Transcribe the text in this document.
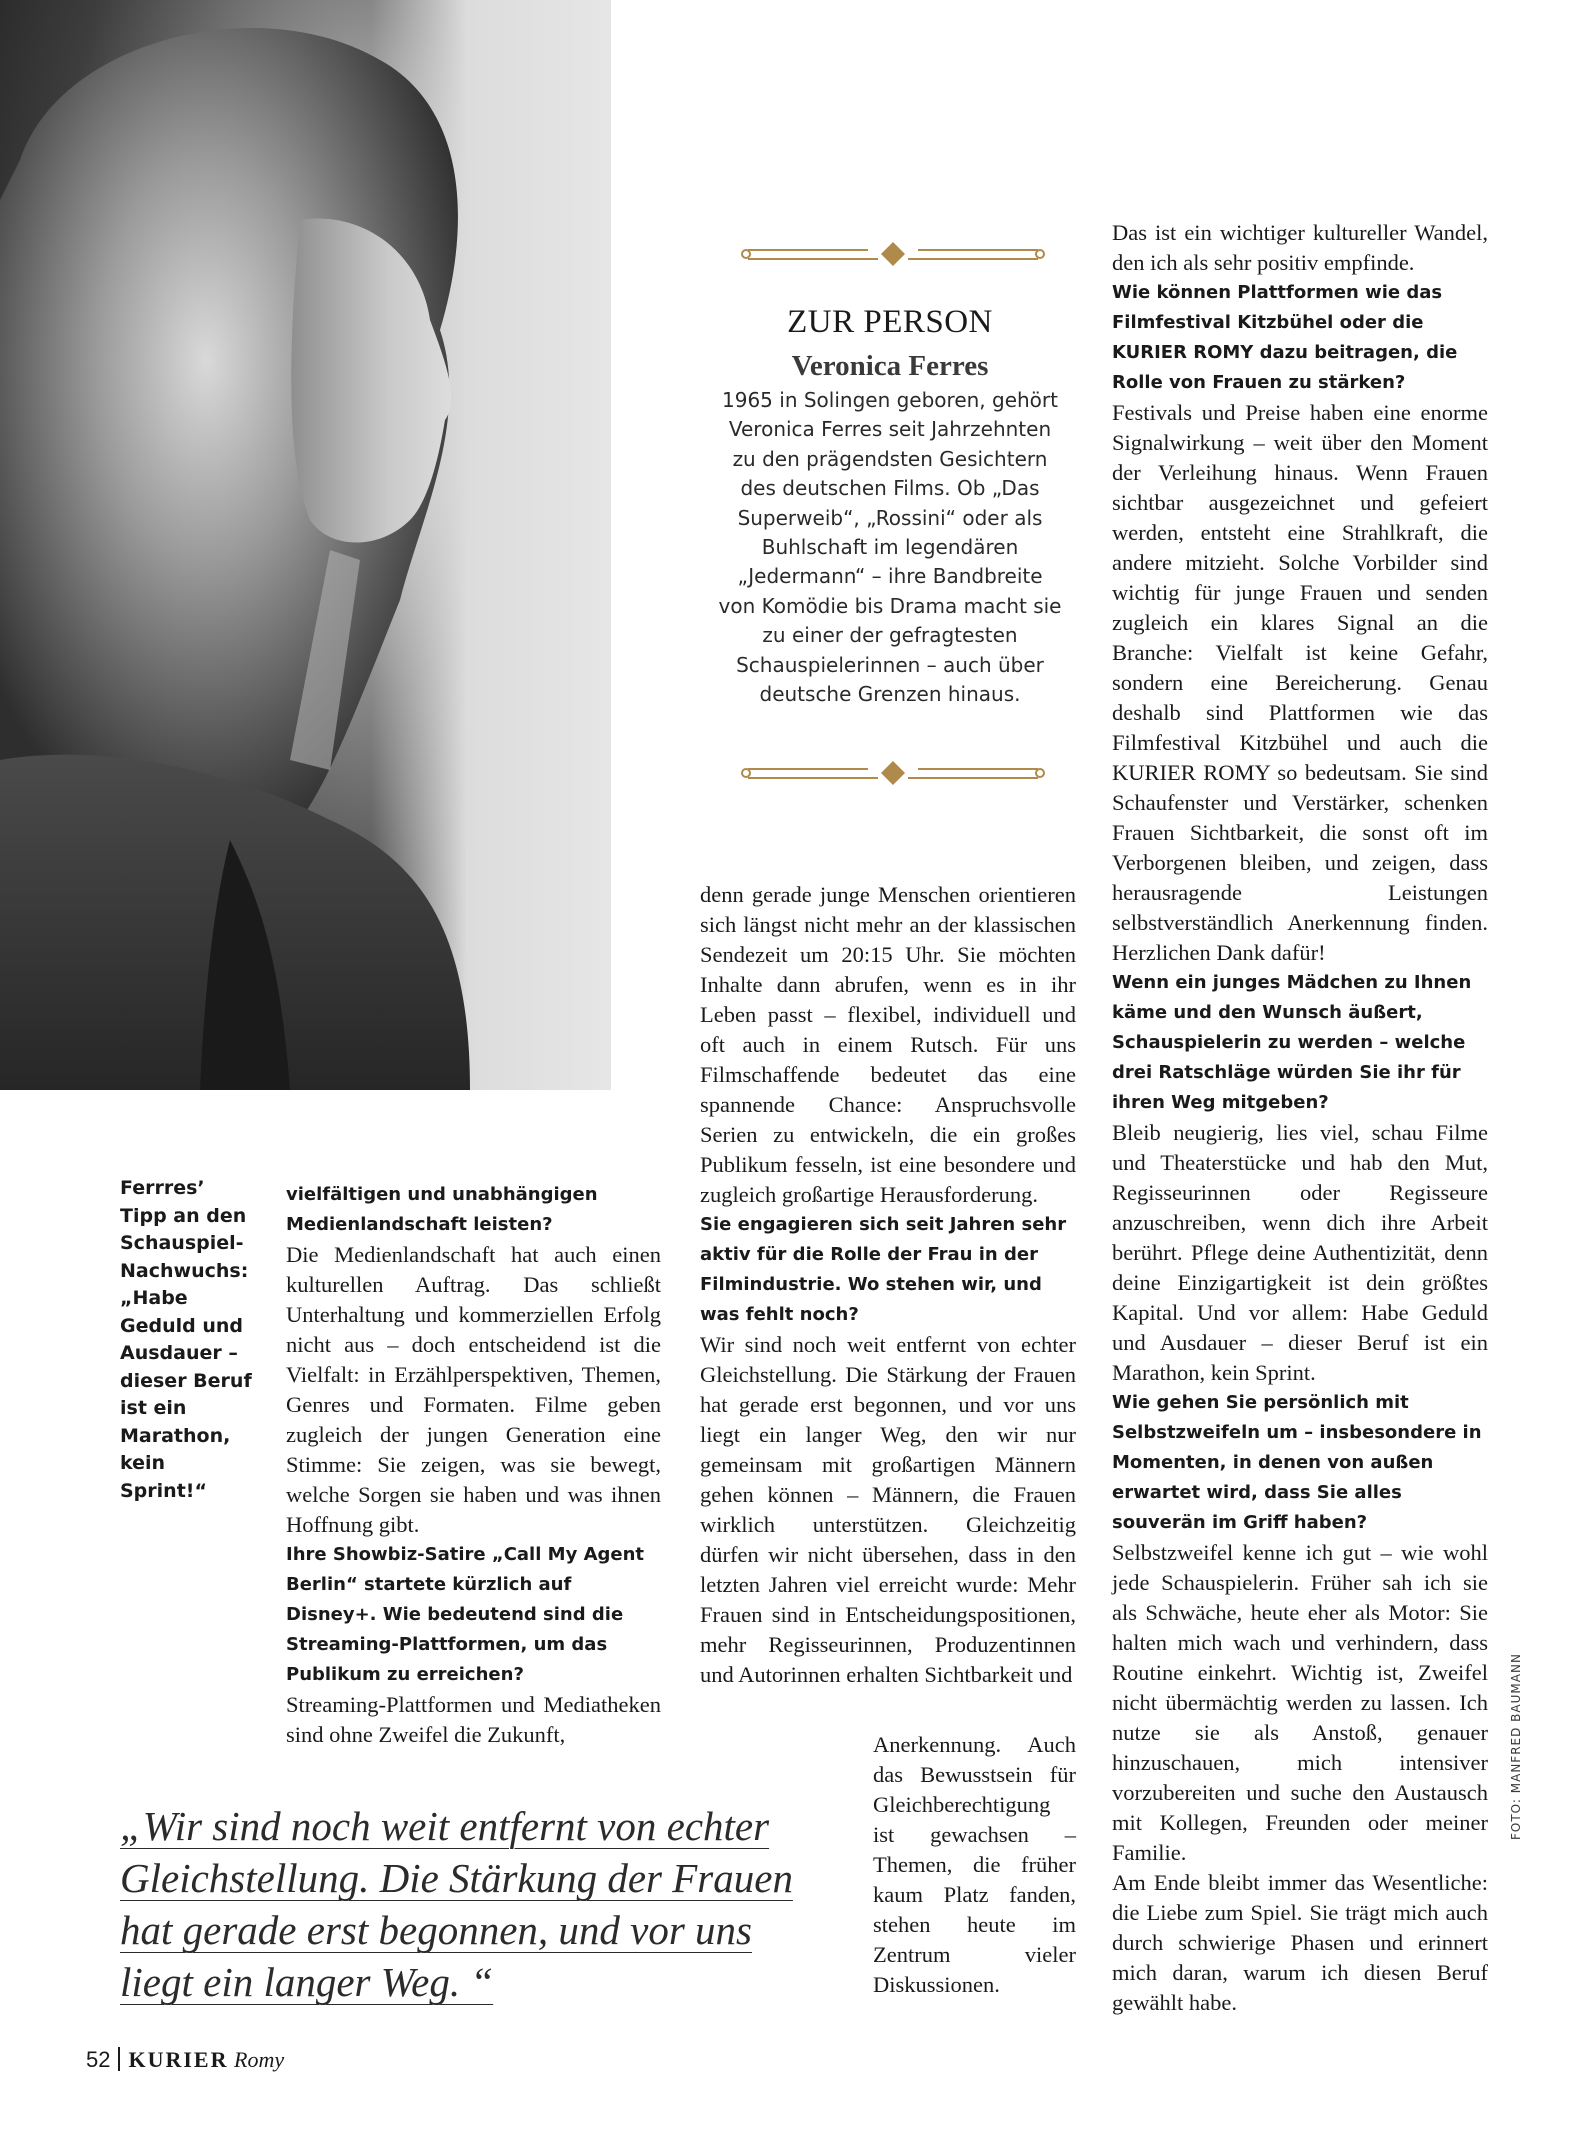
ZUR PERSON
Veronica Ferres
1965 in Solingen geboren, gehört Veronica Ferres seit Jahrzehnten zu den prägendsten Gesichtern des deutschen Films. Ob „Das Superweib“, „Rossini“ oder als Buhlschaft im legendären „Jedermann“ – ihre Bandbreite von Komödie bis Drama macht sie zu einer der gefragtesten Schauspielerinnen – auch über deutsche Grenzen hinaus.

Das ist ein wichtiger kultureller Wandel, den ich als sehr positiv empfinde.

Wie können Plattformen wie das Filmfestival Kitzbühel oder die KURIER ROMY dazu beitragen, die Rolle von Frauen zu stärken?

Festivals und Preise haben eine enorme Signalwirkung – weit über den Moment der Verleihung hinaus. Wenn Frauen sichtbar ausgezeichnet und gefeiert werden, entsteht eine Strahlkraft, die andere mitzieht. Solche Vorbilder sind wichtig für junge Frauen und senden zugleich ein klares Signal an die Branche: Vielfalt ist keine Gefahr, sondern eine Bereicherung. Genau deshalb sind Plattformen wie das Filmfestival Kitzbühel und auch die KURIER ROMY so bedeutsam. Sie sind Schaufenster und Verstärker, schenken Frauen Sichtbarkeit, die sonst oft im Verborgenen bleiben, und zeigen, dass herausragende Leistungen selbstverständlich Anerkennung finden. Herzlichen Dank dafür!

Wenn ein junges Mädchen zu Ihnen käme und den Wunsch äußert, Schauspielerin zu werden – welche drei Ratschläge würden Sie ihr für ihren Weg mitgeben?

Bleib neugierig, lies viel, schau Filme und Theaterstücke und hab den Mut, Regisseurinnen oder Regisseure anzuschreiben, wenn dich ihre Arbeit berührt. Pflege deine Authentizität, denn deine Einzigartigkeit ist dein größtes Kapital. Und vor allem: Habe Geduld und Ausdauer – dieser Beruf ist ein Marathon, kein Sprint.

Wie gehen Sie persönlich mit Selbstzweifeln um – insbesondere in Momenten, in denen von außen erwartet wird, dass Sie alles souverän im Griff haben?

Selbstzweifel kenne ich gut – wie wohl jede Schauspielerin. Früher sah ich sie als Schwäche, heute eher als Motor: Sie halten mich wach und verhindern, dass Routine einkehrt. Wichtig ist, Zweifel nicht übermächtig werden zu lassen. Ich nutze sie als Anstoß, genauer hinzuschauen, mich intensiver vorzubereiten und suche den Austausch mit Kollegen, Freunden oder meiner Familie.

Am Ende bleibt immer das Wesentliche: die Liebe zum Spiel. Sie trägt mich auch durch schwierige Phasen und erinnert mich daran, warum ich diesen Beruf gewählt habe.

denn gerade junge Menschen orientieren sich längst nicht mehr an der klassischen Sendezeit um 20:15 Uhr. Sie möchten Inhalte dann abrufen, wenn es in ihr Leben passt – flexibel, individuell und oft auch in einem Rutsch. Für uns Filmschaffende bedeutet das eine spannende Chance: Anspruchsvolle Serien zu entwickeln, die ein großes Publikum fesseln, ist eine besondere und zugleich großartige Herausforderung.

Sie engagieren sich seit Jahren sehr aktiv für die Rolle der Frau in der Filmindustrie. Wo stehen wir, und was fehlt noch?

Wir sind noch weit entfernt von echter Gleichstellung. Die Stärkung der Frauen hat gerade erst begonnen, und vor uns liegt ein langer Weg, den wir nur gemeinsam mit großartigen Männern gehen können – Männern, die Frauen wirklich unterstützen. Gleichzeitig dürfen wir nicht übersehen, dass in den letzten Jahren viel erreicht wurde: Mehr Frauen sind in Entscheidungspositionen, mehr Regisseurinnen, Produzentinnen und Autorinnen erhalten Sichtbarkeit und

Anerkennung. Auch das Bewusstsein für Gleichberechtigung ist gewachsen – Themen, die früher kaum Platz fanden, stehen heute im Zentrum vieler Diskussionen.

vielfältigen und unabhängigen Medienlandschaft leisten?

Die Medienlandschaft hat auch einen kulturellen Auftrag. Das schließt Unterhaltung und kommerziellen Erfolg nicht aus – doch entscheidend ist die Vielfalt: in Erzählperspektiven, Themen, Genres und Formaten. Filme geben zugleich der jungen Generation eine Stimme: Sie zeigen, was sie bewegt, welche Sorgen sie haben und was ihnen Hoffnung gibt.

Ihre Showbiz-Satire „Call My Agent Berlin“ startete kürzlich auf Disney+. Wie bedeutend sind die Streaming-Plattformen, um das Publikum zu erreichen?

Streaming-Plattformen und Mediatheken sind ohne Zweifel die Zukunft,

Ferrres’ Tipp an den Schauspiel-Nachwuchs: „Habe Geduld und Ausdauer – dieser Beruf ist ein Marathon, kein Sprint!“
„Wir sind noch weit entfernt von echter Gleichstellung. Die Stärkung der Frauen hat gerade erst begonnen, und vor uns liegt ein langer Weg. “
52 KURIER Romy
FOTO: MANFRED BAUMANN
